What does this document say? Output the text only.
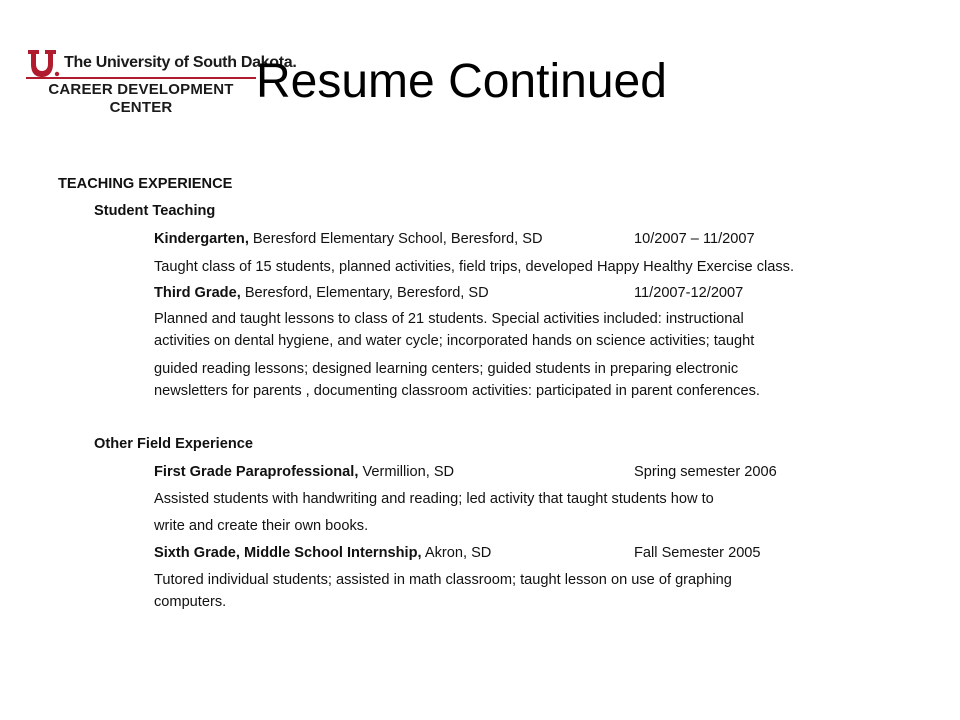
The University of South Dakota.
CAREER DEVELOPMENT
CENTER	Resume Continued
TEACHING EXPERIENCE
Student Teaching
Kindergarten, Beresford Elementary School, Beresford, SD	10/2007 – 11/2007
Taught class of 15 students, planned activities, field trips, developed Happy Healthy Exercise class.
Third Grade, Beresford, Elementary, Beresford, SD	11/2007-12/2007
Planned and taught lessons to class of 21 students. Special activities included: instructional
activities on dental hygiene, and water cycle; incorporated hands on science activities; taught
guided reading lessons; designed learning centers; guided students in preparing electronic
newsletters for parents , documenting classroom activities: participated in parent conferences.
Other Field Experience
First Grade Paraprofessional, Vermillion, SD	Spring semester 2006
Assisted students with handwriting and reading; led activity that taught students how to
write and create their own books.
Sixth Grade, Middle School Internship, Akron, SD	Fall Semester 2005
Tutored individual students; assisted in math classroom; taught lesson on use of graphing
computers.
